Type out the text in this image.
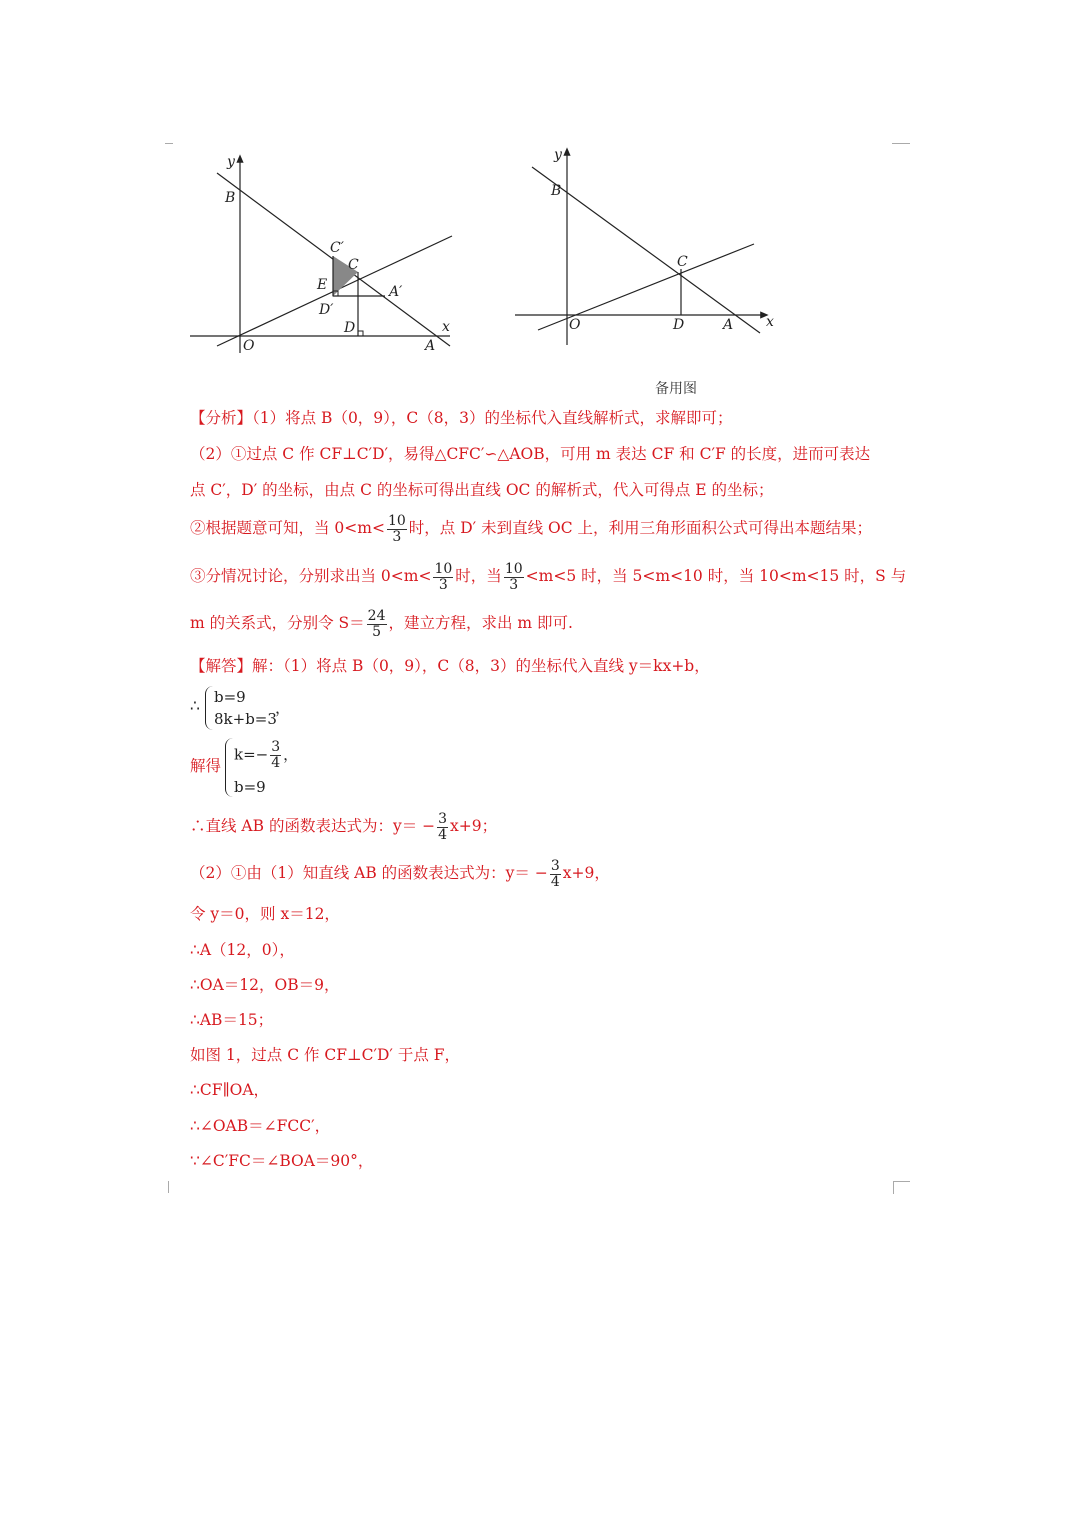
y
B
C′
C
E	A′
D′
D	x
O	A
y
B
C
O	D	A x
备用图
【分析】（1）将点 B（0，9），C（8，3）的坐标代入直线解析式，求解即可；
（2）①过点 C 作 CF⊥C′D′，易得△CFC′∽△AOB，可用 m 表达 CF 和 C′F 的长度，进而可表达
点 C′，D′ 的坐标，由点 C 的坐标可得出直线 OC 的解析式，代入可得点 E 的坐标；
②根据题意可知，当 $0<m< \frac{10}{3}$ 时，点 D′ 未到直线 OC 上，利用三角形面积公式可得出本题结果；
③分情况讨论，分别求出当 $0<m< \frac{10}{3}$ 时，当 $\frac{10}{3} <m<5$ 时，当 5<m<10 时，当 10<m<15 时，S 与
m 的关系式，分别令 $S= \frac{24}{5}$ ，建立方程，求出 m 即可.
【解答】解：（1）将点 B（0，9），C（8，3）的坐标代入直线 y＝kx+b，
∴ b=9
8k+b=3
，
解得
$k=- \frac{3}{4}$ ，
b=9
∴直线 AB 的函数表达式为：$y= - \frac{3}{4} x+9$；
（2）①由（1）知直线 AB 的函数表达式为：$y= - \frac{3}{4} x+9$，
令 y＝0，则 x＝12，
∴A（12，0），
∴OA＝12，OB＝9，
∴AB＝15；
如图 1，过点 C 作 CF⊥C′D′ 于点 F，
∴CF∥OA，
∴∠OAB＝∠FCC′，
∵∠C′FC＝∠BOA＝90°，
